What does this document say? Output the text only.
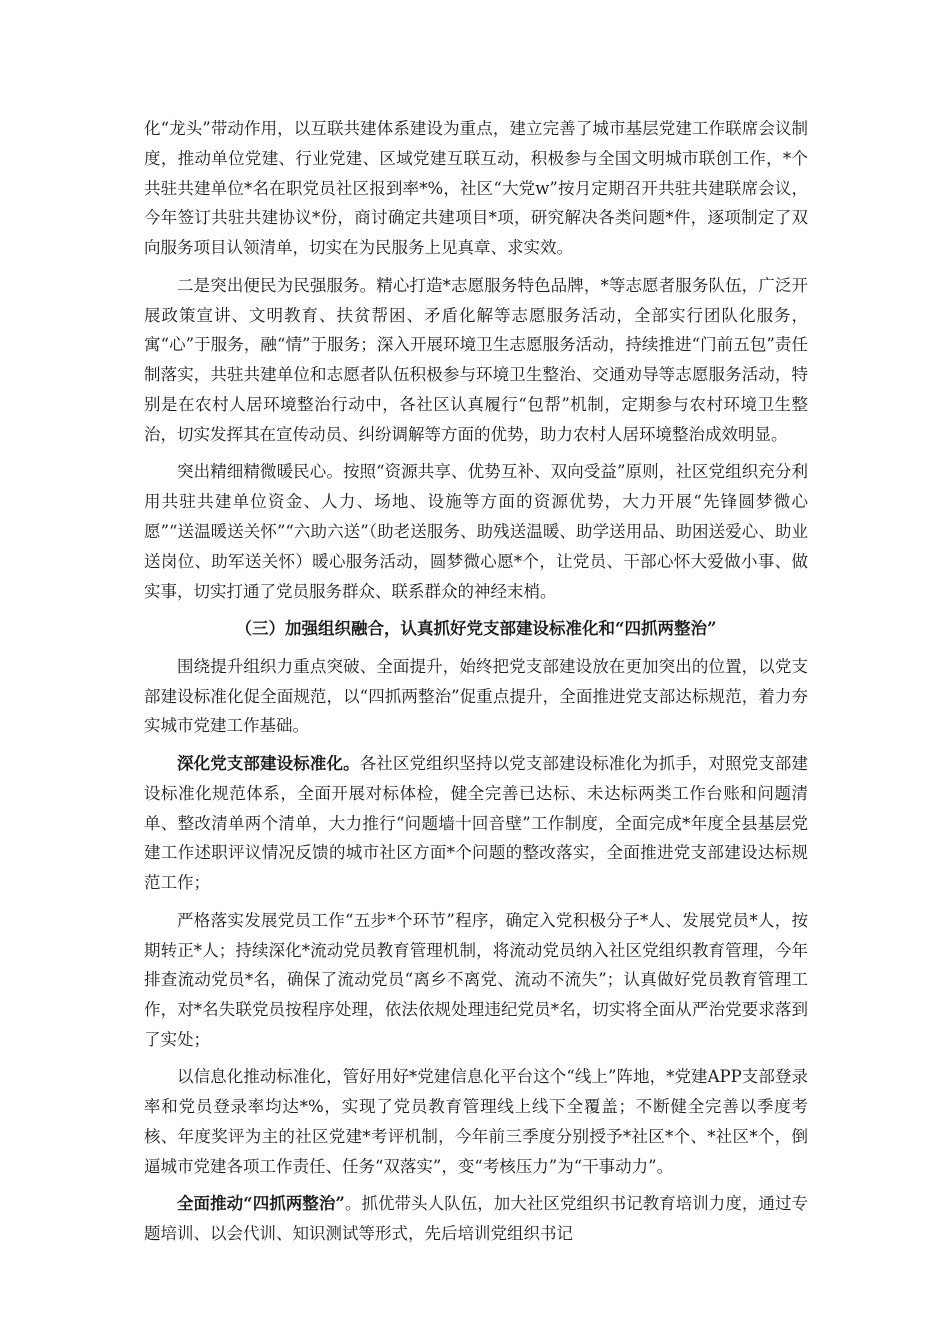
化“龙头”带动作用，以互联共建体系建设为重点，建立完善了城市基层党建工作联席会议制度，推动单位党建、行业党建、区域党建互联互动，积极参与全国文明城市联创工作，*个共驻共建单位*名在职党员社区报到率*%，社区“大党w”按月定期召开共驻共建联席会议，今年签订共驻共建协议*份，商讨确定共建项目*项，研究解决各类问题*件，逐项制定了双向服务项目认领清单，切实在为民服务上见真章、求实效。

二是突出便民为民强服务。精心打造*志愿服务特色品牌，*等志愿者服务队伍，广泛开展政策宣讲、文明教育、扶贫帮困、矛盾化解等志愿服务活动，全部实行团队化服务，寓“心”于服务，融“情”于服务；深入开展环境卫生志愿服务活动，持续推进“门前五包”责任制落实，共驻共建单位和志愿者队伍积极参与环境卫生整治、交通劝导等志愿服务活动，特别是在农村人居环境整治行动中，各社区认真履行“包帮”机制，定期参与农村环境卫生整治，切实发挥其在宣传动员、纠纷调解等方面的优势，助力农村人居环境整治成效明显。

突出精细精微暖民心。按照“资源共享、优势互补、双向受益”原则，社区党组织充分利用共驻共建单位资金、人力、场地、设施等方面的资源优势，大力开展“先锋圆梦微心愿”“送温暖送关怀”“六助六送”（助老送服务、助残送温暖、助学送用品、助困送爱心、助业送岗位、助军送关怀）暖心服务活动，圆梦微心愿*个，让党员、干部心怀大爱做小事、做实事，切实打通了党员服务群众、联系群众的神经末梢。

（三）加强组织融合，认真抓好党支部建设标准化和“四抓两整治”

围绕提升组织力重点突破、全面提升，始终把党支部建设放在更加突出的位置，以党支部建设标准化促全面规范，以“四抓两整治”促重点提升，全面推进党支部达标规范，着力夯实城市党建工作基础。

深化党支部建设标准化。各社区党组织坚持以党支部建设标准化为抓手，对照党支部建设标准化规范体系，全面开展对标体检，健全完善已达标、未达标两类工作台账和问题清单、整改清单两个清单，大力推行“问题墙十回音壁”工作制度，全面完成*年度全县基层党建工作述职评议情况反馈的城市社区方面*个问题的整改落实，全面推进党支部建设达标规范工作；

严格落实发展党员工作“五步*个环节”程序，确定入党积极分子*人、发展党员*人，按期转正*人；持续深化*流动党员教育管理机制，将流动党员纳入社区党组织教育管理，今年排查流动党员*名，确保了流动党员“离乡不离党、流动不流失”；认真做好党员教育管理工作，对*名失联党员按程序处理，依法依规处理违纪党员*名，切实将全面从严治党要求落到了实处；

以信息化推动标准化，管好用好*党建信息化平台这个“线上”阵地，*党建APP支部登录率和党员登录率均达*%，实现了党员教育管理线上线下全覆盖；不断健全完善以季度考核、年度奖评为主的社区党建*考评机制，今年前三季度分别授予*社区*个、*社区*个，倒逼城市党建各项工作责任、任务“双落实”，变“考核压力”为“干事动力”。

全面推动“四抓两整治”。抓优带头人队伍，加大社区党组织书记教育培训力度，通过专题培训、以会代训、知识测试等形式，先后培训党组织书记
